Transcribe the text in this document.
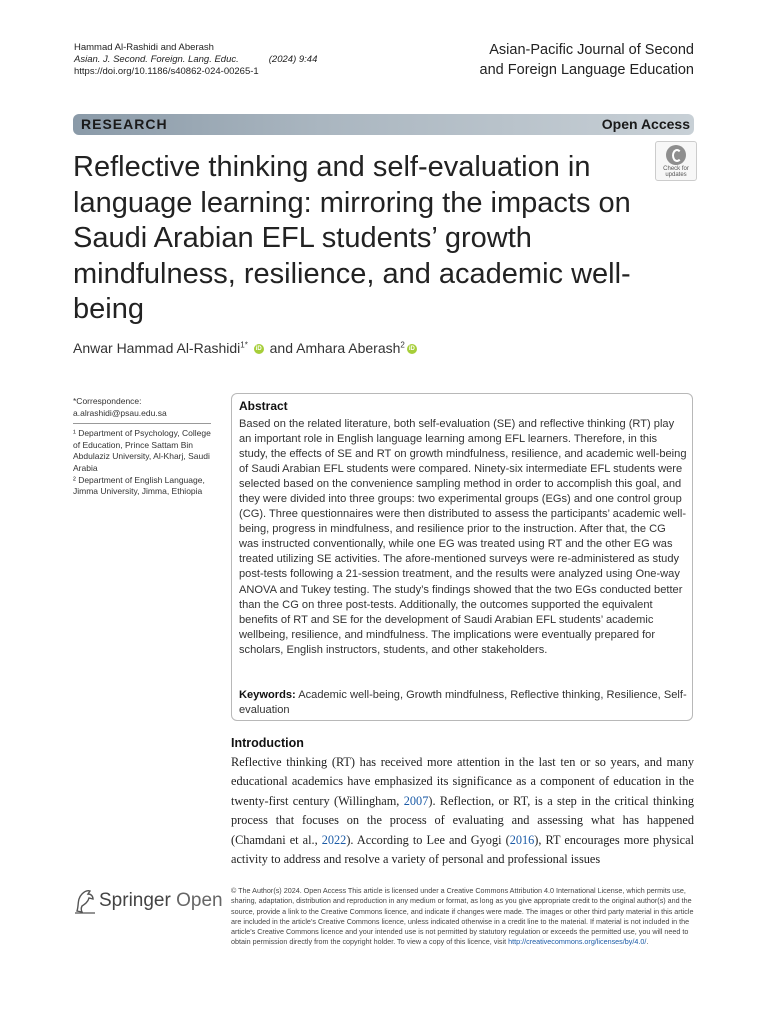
Hammad Al-Rashidi and Aberash
Asian. J. Second. Foreign. Lang. Educ.	(2024) 9:44
https://doi.org/10.1186/s40862-024-00265-1
Asian-Pacific Journal of Second
and Foreign Language Education
RESEARCH	Open Access
Reflective thinking and self-evaluation in language learning: mirroring the impacts on Saudi Arabian EFL students’ growth mindfulness, resilience, and academic well-being
Check for
updates
Anwar Hammad Al-Rashidi$^{1*}$ iD and Amhara Aberash$^2$ iD
*Correspondence:
a.alrashidi@psau.edu.sa
¹ Department of Psychology, College of Education, Prince Sattam Bin Abdulaziz University, Al-Kharj, Saudi Arabia
² Department of English Language, Jimma University, Jimma, Ethiopia
Abstract
Based on the related literature, both self-evaluation (SE) and reflective thinking (RT) play an important role in English language learning among EFL learners. Therefore, in this study, the effects of SE and RT on growth mindfulness, resilience, and academic well-being of Saudi Arabian EFL students were compared. Ninety-six intermediate EFL students were selected based on the convenience sampling method in order to accomplish this goal, and they were divided into three groups: two experimental groups (EGs) and one control group (CG). Three questionnaires were then distributed to assess the participants’ academic well-being, progress in mindfulness, and resilience prior to the instruction. After that, the CG was instructed conventionally, while one EG was treated using RT and the other EG was treated utilizing SE activities. The afore-mentioned surveys were re-administered as study post-tests following a 21-session treatment, and the results were analyzed using One-way ANOVA and Tukey testing. The study’s findings showed that the two EGs conducted better than the CG on three post-tests. Additionally, the outcomes supported the equivalent benefits of RT and SE for the development of Saudi Arabian EFL students’ academic wellbeing, resilience, and mindfulness. The implications were eventually prepared for scholars, English instructors, students, and other stakeholders.
Keywords: Academic well-being, Growth mindfulness, Reflective thinking, Resilience, Self-evaluation
Introduction
Reflective thinking (RT) has received more attention in the last ten or so years, and many educational academics have emphasized its significance as a component of education in the twenty-first century (Willingham, 2007). Reflection, or RT, is a step in the critical thinking process that focuses on the process of evaluating and assessing what has happened (Chamdani et al., 2022). According to Lee and Gyogi (2016), RT encourages more physical activity to address and resolve a variety of personal and professional issues
Springer Open © The Author(s) 2024. Open Access This article is licensed under a Creative Commons Attribution 4.0 International License, which permits use, sharing, adaptation, distribution and reproduction in any medium or format, as long as you give appropriate credit to the original author(s) and the source, provide a link to the Creative Commons licence, and indicate if changes were made. The images or other third party material in this article are included in the article’s Creative Commons licence, unless indicated otherwise in a credit line to the material. If material is not included in the article’s Creative Commons licence and your intended use is not permitted by statutory regulation or exceeds the permitted use, you will need to obtain permission directly from the copyright holder. To view a copy of this licence, visit http://creativecommons.org/licenses/by/4.0/.
